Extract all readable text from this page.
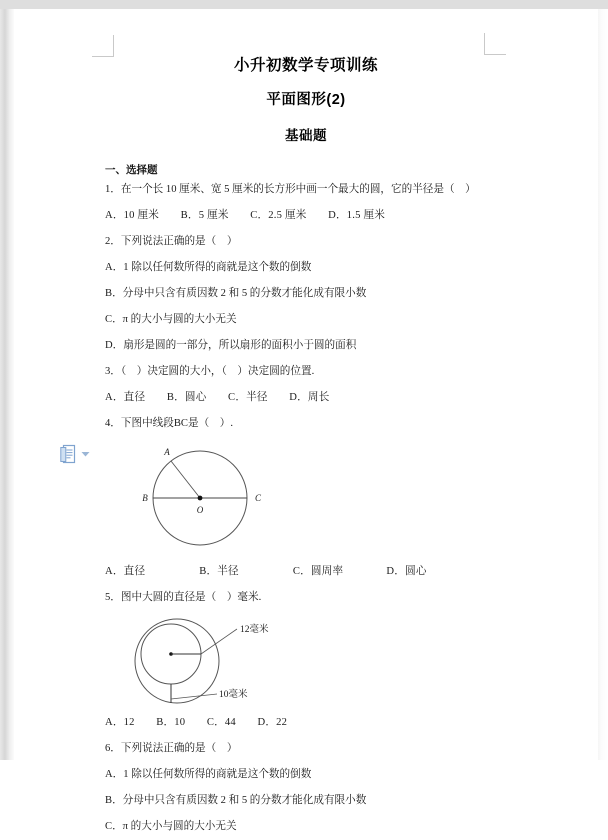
小升初数学专项训练
平面图形(2)
基础题
一、选择题
1．在一个长 10 厘米、宽 5 厘米的长方形中画一个最大的圆，它的半径是（　）
A．10 厘米　　B．5 厘米　　C．2.5 厘米　　D．1.5 厘米
2．下列说法正确的是（　）
A．1 除以任何数所得的商就是这个数的倒数
B．分母中只含有质因数 2 和 5 的分数才能化成有限小数
C．π 的大小与圆的大小无关
D．扇形是圆的一部分，所以扇形的面积小于圆的面积
3．（　）决定圆的大小，（　）决定圆的位置.
A．直径　　B．圆心　　C．半径　　D．周长
4．下图中线段BC是（　）.
A
B	C
O
A．直径　　　　　B．半径　　　　　C．圆周率　　　　D．圆心
5．图中大圆的直径是（　）毫米.
12毫米
10毫米
A．12　　B．10　　C．44　　D．22
6．下列说法正确的是（　）
A．1 除以任何数所得的商就是这个数的倒数
B．分母中只含有质因数 2 和 5 的分数才能化成有限小数
C．π 的大小与圆的大小无关
